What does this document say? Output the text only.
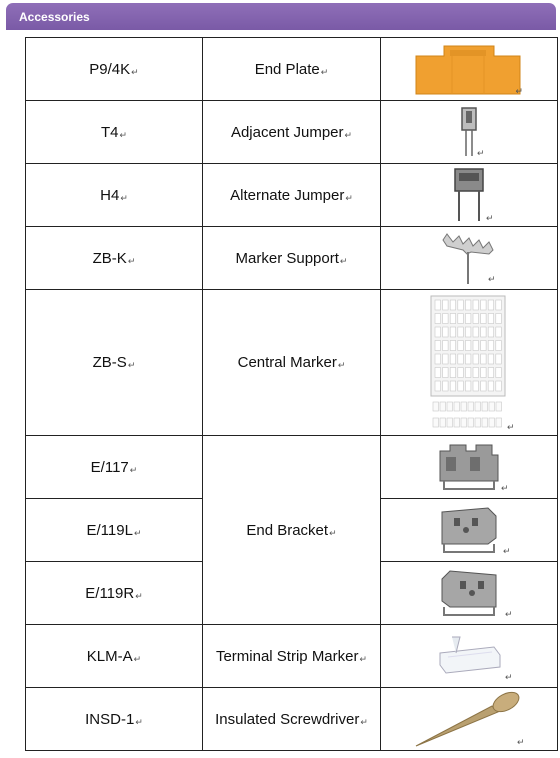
Accessories
P9/4K↵	End Plate↵	↵

T4↵	Adjacent Jumper↵	↵

H4↵	Alternate Jumper↵	↵

ZB-K↵	Marker Support↵	↵

ZB-S↵	Central Marker↵	↵

E/117↵	End Bracket↵	↵

E/119L↵		↵

E/119R↵		↵

KLM-A↵	Terminal Strip Marker↵	↵

INSD-1↵	Insulated Screwdriver↵	↵
